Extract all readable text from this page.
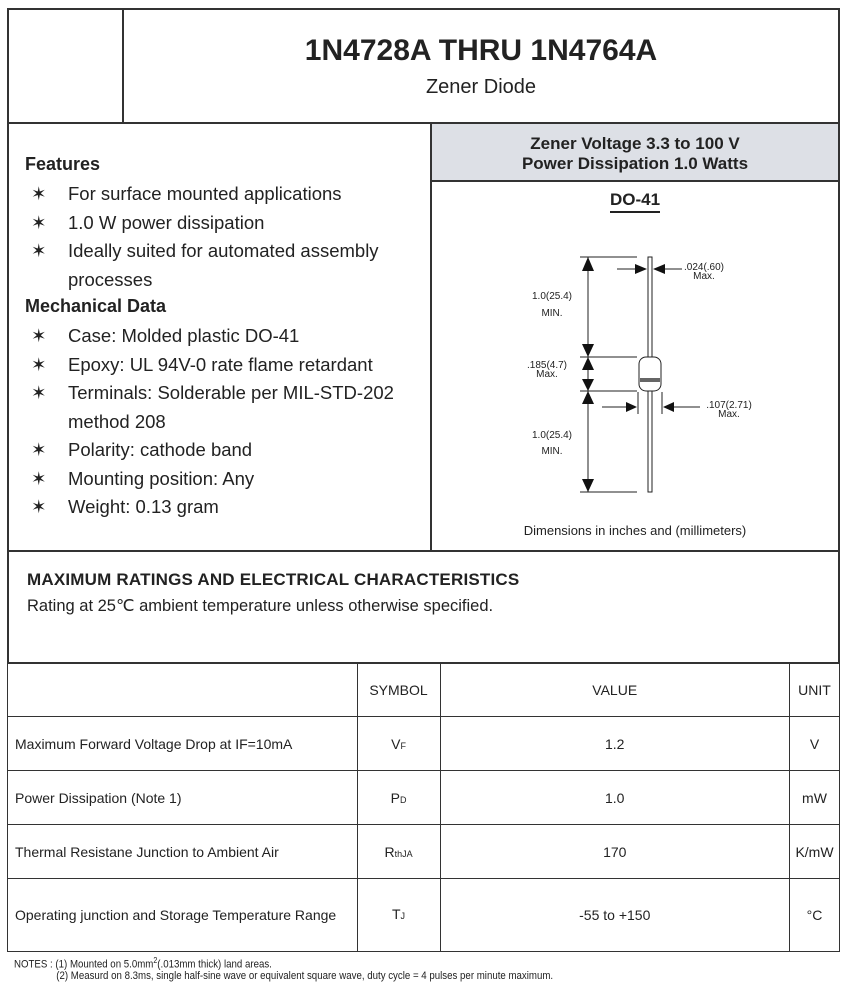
1N4728A THRU 1N4764A
Zener Diode
Features
✶ For surface mounted applications
✶ 1.0 W power dissipation
✶ Ideally suited for automated assembly processes
Mechanical Data
✶ Case: Molded plastic DO-41
✶ Epoxy: UL 94V-0 rate flame retardant
✶ Terminals: Solderable per MIL-STD-202 method 208
✶ Polarity: cathode band
✶ Mounting position: Any
✶ Weight: 0.13 gram
Zener Voltage 3.3 to 100 V
Power Dissipation 1.0 Watts
DO-41
1.0(25.4)
MIN.
.185(4.7)
Max.
1.0(25.4)
MIN.
.024(.60)
Max.
.107(2.71)
Max.
Dimensions in inches and (millimeters)
MAXIMUM RATINGS AND ELECTRICAL CHARACTERISTICS

Rating at 25℃ ambient temperature unless otherwise specified.

	SYMBOL	VALUE	UNIT
Maximum Forward Voltage Drop at IF=10mA	VF	1.2	V
Power Dissipation (Note 1)	PD	1.0	mW
Thermal Resistane Junction to Ambient Air	RthJA	170	K/mW
Operating junction and Storage Temperature Range	TJ	-55 to +150	°C
NOTES : (1) Mounted on $5.0mm^2(.013mm$ thick) land areas.
(2) Measurd on 8.3ms, single half-sine wave or equivalent square wave, duty cycle = 4 pulses per minute maximum.
